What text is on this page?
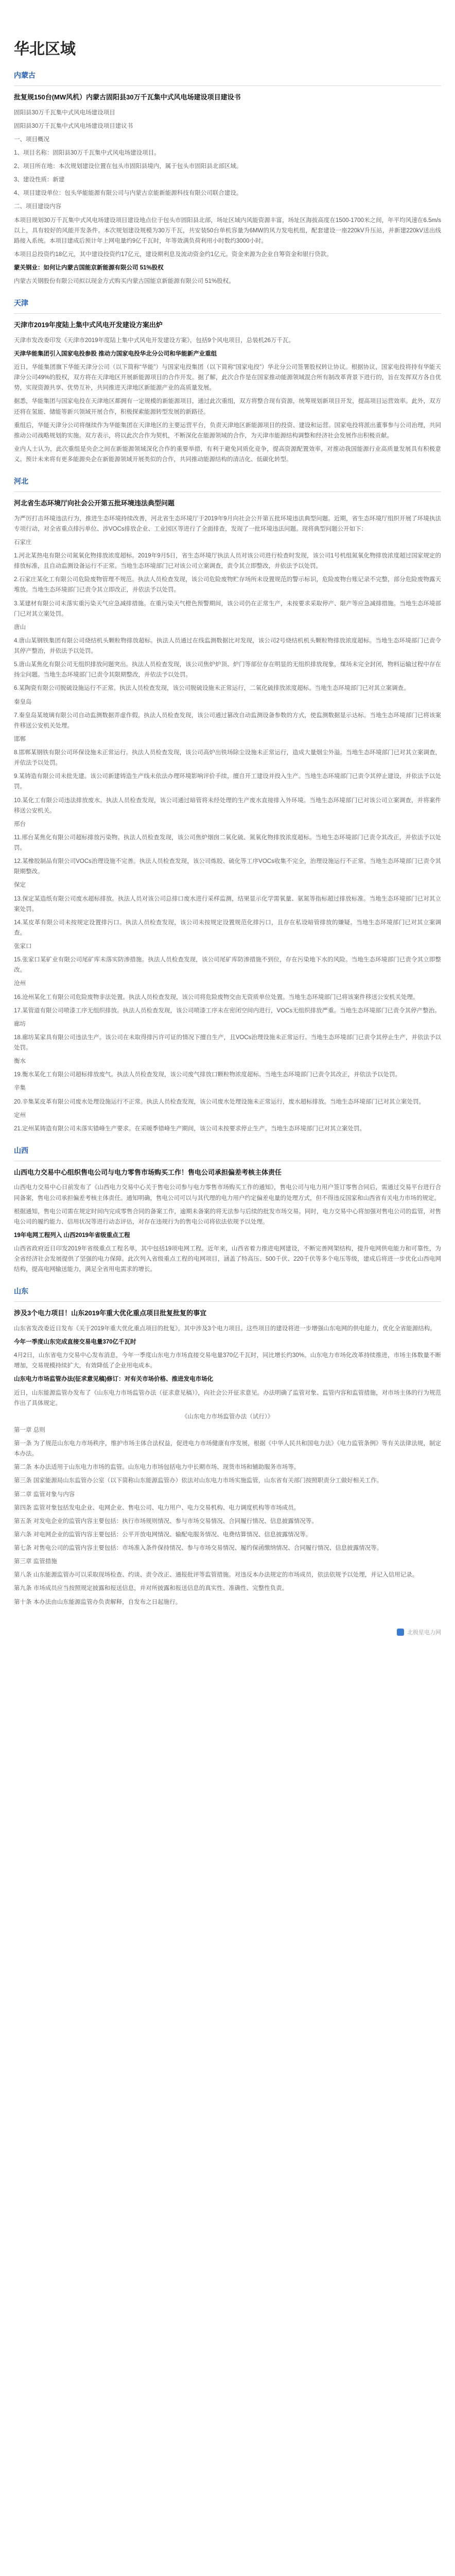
华北区域
内蒙古
批复规150台(MW风机）内蒙古固阳县30万千瓦集中式风电场建设项目建设书

固阳县30万千瓦集中式风电场建设项目

固阳县30万千瓦集中式风电场建设项目建议书

一、项目概况

1、项目名称：固阳县30万千瓦集中式风电场建设项目。

2、项目所在地：本次规划建设位置在包头市固阳县境内，属于包头市固阳县北部区域。

3、建设性质：新建

4、项目建设单位：包头华能能源有限公司与内蒙古京能新能源科技有限公司联合建设。

二、项目建设内容

本项目规划30万千瓦集中式风电场建设项目建设地点位于包头市固阳县北部，场址区域内风能资源丰富，场址区海拔高度在1500-1700米之间，年平均风速在6.5m/s以上，具有较好的风能开发条件。本次规划建设规模为30万千瓦，共安装50台单机容量为6MW的风力发电机组，配套建设一座220kV升压站，并新建220kV送出线路接入系统。本项目建成后预计年上网电量约9亿千瓦时，年等效满负荷利用小时数约3000小时。

本项目总投资约18亿元，其中建设投资约17亿元，建设期利息及流动资金约1亿元。资金来源为企业自筹资金和银行贷款。

蒙关钢业：如何让内蒙古国能京新能源有限公司 51%股权

内蒙古关钢股份有限公司拟以现金方式购买内蒙古国能京新能源有限公司 51%股权。

天津
天津市2019年度陆上集中式风电开发建设方案出炉

天津市发改委印发《天津市2019年度陆上集中式风电开发建设方案》，包括9个风电项目，总装机26万千瓦。

天津华能集团引入国家电投参股 推动力国家电投华北分公司和华能新产业重组

近日，华能集团旗下华能天津分公司（以下简称“华能”）与国家电投集团（以下简称“国家电投”）华北分公司签署股权转让协议。根据协议，国家电投将持有华能天津分公司49%的股权，双方将在天津地区开展新能源项目的合作开发。据了解，此次合作是在国家推动能源领域混合所有制改革背景下进行的，旨在发挥双方各自优势，实现资源共享、优势互补，共同推进天津地区新能源产业的高质量发展。

据悉，华能集团与国家电投在天津地区都拥有一定规模的新能源项目，通过此次重组，双方将整合现有资源，统筹规划新项目开发，提高项目运营效率。此外，双方还将在氢能、储能等新兴领域开展合作，积极探索能源转型发展的新路径。

重组后，华能天津分公司将继续作为华能集团在天津地区的主要运营平台，负责天津地区新能源项目的投资、建设和运营。国家电投将派出董事参与公司治理，共同推动公司战略规划的实施。双方表示，将以此次合作为契机，不断深化在能源领域的合作，为天津市能源结构调整和经济社会发展作出积极贡献。

业内人士认为，此次重组是央企之间在新能源领域深化合作的重要举措，有利于避免同质化竞争，提高资源配置效率，对推动我国能源行业高质量发展具有积极意义。预计未来将有更多能源央企在新能源领域开展类似的合作，共同推动能源结构的清洁化、低碳化转型。

河北
河北省生态环境厅向社会公开第五批环境违法典型问题

为严厉打击环境违法行为，推进生态环境持续改善，河北省生态环境厅于2019年9月向社会公开第五批环境违法典型问题。近期，省生态环境厅组织开展了环境执法专项行动，对全省重点排污单位、涉VOCs排放企业、工业园区等进行了全面排查，发现了一批环境违法问题。现将典型问题公开如下：

石家庄

1.河北某热电有限公司氮氧化物排放浓度超标。2019年9月5日，省生态环境厅执法人员对该公司进行检查时发现，该公司1号机组氮氧化物排放浓度超过国家规定的排放标准，且自动监测设备运行不正常。当地生态环境部门已对该公司立案调查，责令其立即整改，并依法予以处罚。

2.石家庄某化工有限公司危险废物管理不规范。执法人员检查发现，该公司危险废物贮存场所未设置规范的警示标识，危险废物台账记录不完整，部分危险废物露天堆放。当地生态环境部门已责令其立即改正，并依法予以处罚。

3.某建材有限公司未落实重污染天气应急减排措施。在重污染天气橙色预警期间，该公司仍在正常生产，未按要求采取停产、限产等应急减排措施。当地生态环境部门已对其立案处罚。

唐山

4.唐山某钢铁集团有限公司烧结机头颗粒物排放超标。执法人员通过在线监测数据比对发现，该公司2号烧结机机头颗粒物排放浓度超标。当地生态环境部门已责令其停产整治，并依法予以处罚。

5.唐山某焦化有限公司无组织排放问题突出。执法人员检查发现，该公司焦炉炉顶、炉门等部位存在明显的无组织排放现象，煤场未完全封闭，物料运输过程中存在扬尘问题。当地生态环境部门已责令其限期整改，并依法予以处罚。

6.某陶瓷有限公司脱硫设施运行不正常。执法人员检查发现，该公司脱硫设施未正常运行，二氧化硫排放浓度超标。当地生态环境部门已对其立案调查。

秦皇岛

7.秦皇岛某玻璃有限公司自动监测数据弄虚作假。执法人员检查发现，该公司通过篡改自动监测设备参数的方式，使监测数据显示达标。当地生态环境部门已将该案件移送公安机关处理。

邯郸

8.邯郸某钢铁有限公司环保设施未正常运行。执法人员检查发现，该公司高炉出铁场除尘设施未正常运行，造成大量烟尘外溢。当地生态环境部门已对其立案调查，并依法予以处罚。

9.某铸造有限公司未批先建。该公司新建铸造生产线未依法办理环境影响评价手续，擅自开工建设并投入生产。当地生态环境部门已责令其停止建设，并依法予以处罚。

10.某化工有限公司违法排放废水。执法人员检查发现，该公司通过暗管将未经处理的生产废水直接排入外环境。当地生态环境部门已对该公司立案调查，并将案件移送公安机关。

邢台

11.邢台某焦化有限公司超标排放污染物。执法人员检查发现，该公司焦炉烟囱二氧化硫、氮氧化物排放浓度超标。当地生态环境部门已责令其改正，并依法予以处罚。

12.某橡胶制品有限公司VOCs治理设施不完善。执法人员检查发现，该公司炼胶、硫化等工序VOCs收集不完全，治理设施运行不正常。当地生态环境部门已责令其限期整改。

保定

13.保定某造纸有限公司废水超标排放。执法人员对该公司总排口废水进行采样监测，结果显示化学需氧量、氨氮等指标超过排放标准。当地生态环境部门已对其立案处罚。

14.某皮革有限公司未按规定设置排污口。执法人员检查发现，该公司未按规定设置规范化排污口，且存在私设暗管排放的嫌疑。当地生态环境部门已对其立案调查。

张家口

15.张家口某矿业有限公司尾矿库未落实防渗措施。执法人员检查发现，该公司尾矿库防渗措施不到位，存在污染地下水的风险。当地生态环境部门已责令其立即整改。

沧州

16.沧州某化工有限公司危险废物非法处置。执法人员检查发现，该公司将危险废物交由无资质单位处置。当地生态环境部门已将该案件移送公安机关处理。

17.某管道有限公司喷漆工序无组织排放。执法人员检查发现，该公司喷漆工序未在密闭空间内进行，VOCs无组织排放严重。当地生态环境部门已责令其停产整治。

廊坊

18.廊坊某家具有限公司违法生产。该公司在未取得排污许可证的情况下擅自生产，且VOCs治理设施未正常运行。当地生态环境部门已责令其停止生产，并依法予以处罚。

衡水

19.衡水某化工有限公司超标排放废气。执法人员检查发现，该公司废气排放口颗粒物浓度超标。当地生态环境部门已责令其改正，并依法予以处罚。

辛集

20.辛集某皮革有限公司废水处理设施运行不正常。执法人员检查发现，该公司废水处理设施未正常运行，废水超标排放。当地生态环境部门已对其立案处罚。

定州

21.定州某铸造有限公司未落实错峰生产要求。在采暖季错峰生产期间，该公司未按要求停止生产。当地生态环境部门已对其立案处罚。

山西
山西电力交易中心组织售电公司与电力零售市场购买工作！售电公司承担偏差考核主体责任

山西电力交易中心日前发布了《山西电力交易中心关于售电公司参与电力零售市场购买工作的通知》，售电公司与电力用户签订零售合同后，需通过交易平台进行合同备案，售电公司承担偏差考核主体责任。通知明确，售电公司可以与其代理的电力用户约定偏差电量的处理方式，但不得违反国家和山西省有关电力市场的规定。

根据通知，售电公司需在规定时间内完成零售合同的备案工作，逾期未备案的将无法参与后续的批发市场交易。同时，电力交易中心将加强对售电公司的监管，对售电公司的履约能力、信用状况等进行动态评估，对存在违规行为的售电公司将依法依规予以处理。

19年电网工程列入 山西2019年省级重点工程

山西省政府近日印发2019年省级重点工程名单，其中包括19项电网工程。近年来，山西省着力推进电网建设，不断完善网架结构，提升电网供电能力和可靠性，为全省经济社会发展提供了坚强的电力保障。此次列入省级重点工程的电网项目，涵盖了特高压、500千伏、220千伏等多个电压等级，建成后将进一步优化山西电网结构，提高电网输送能力，满足全省用电需求的增长。

山东
涉及3个电力项目！山东2019年重大优化重点项目批复批复的事宜

山东省发改委近日发布《关于2019年重大优化重点项目的批复》，其中涉及3个电力项目。这些项目的建设将进一步增强山东电网的供电能力，优化全省能源结构。

今年一季度山东完成直接交易电量370亿千瓦时

4月2日，山东省电力交易中心发布消息，今年一季度山东电力市场直接交易电量370亿千瓦时，同比增长约30%。山东电力市场化改革持续推进，市场主体数量不断增加，交易规模持续扩大，有效降低了企业用电成本。

山东电力市场监管办法(征求意见稿)修订：对有关市场价格、推进发电市场化

近日，山东能源监管办发布了《山东电力市场监管办法（征求意见稿）》，向社会公开征求意见。办法明确了监管对象、监管内容和监管措施，对市场主体的行为规范作出了具体规定。

《山东电力市场监管办法（试行）》

第一章 总则

第一条 为了规范山东电力市场秩序，维护市场主体合法权益，促进电力市场健康有序发展，根据《中华人民共和国电力法》《电力监管条例》等有关法律法规，制定本办法。

第二条 本办法适用于山东电力市场的监管。山东电力市场包括电力中长期市场、现货市场和辅助服务市场等。

第三条 国家能源局山东监管办公室（以下简称山东能源监管办）依法对山东电力市场实施监管，山东省有关部门按照职责分工做好相关工作。

第二章 监管对象与内容

第四条 监管对象包括发电企业、电网企业、售电公司、电力用户、电力交易机构、电力调度机构等市场成员。

第五条 对发电企业的监管内容主要包括：执行市场规则情况、参与市场交易情况、合同履行情况、信息披露情况等。

第六条 对电网企业的监管内容主要包括：公平开放电网情况、输配电服务情况、电费结算情况、信息披露情况等。

第七条 对售电公司的监管内容主要包括：市场准入条件保持情况、参与市场交易情况、履约保函缴纳情况、合同履行情况、信息披露情况等。

第三章 监管措施

第八条 山东能源监管办可以采取现场检查、约谈、责令改正、通报批评等监管措施。对违反本办法规定的市场成员，依法依规予以处理，并记入信用记录。

第九条 市场成员应当按照规定披露和报送信息，并对所披露和报送信息的真实性、准确性、完整性负责。

第十条 本办法由山东能源监管办负责解释，自发布之日起施行。

北极星电力网
